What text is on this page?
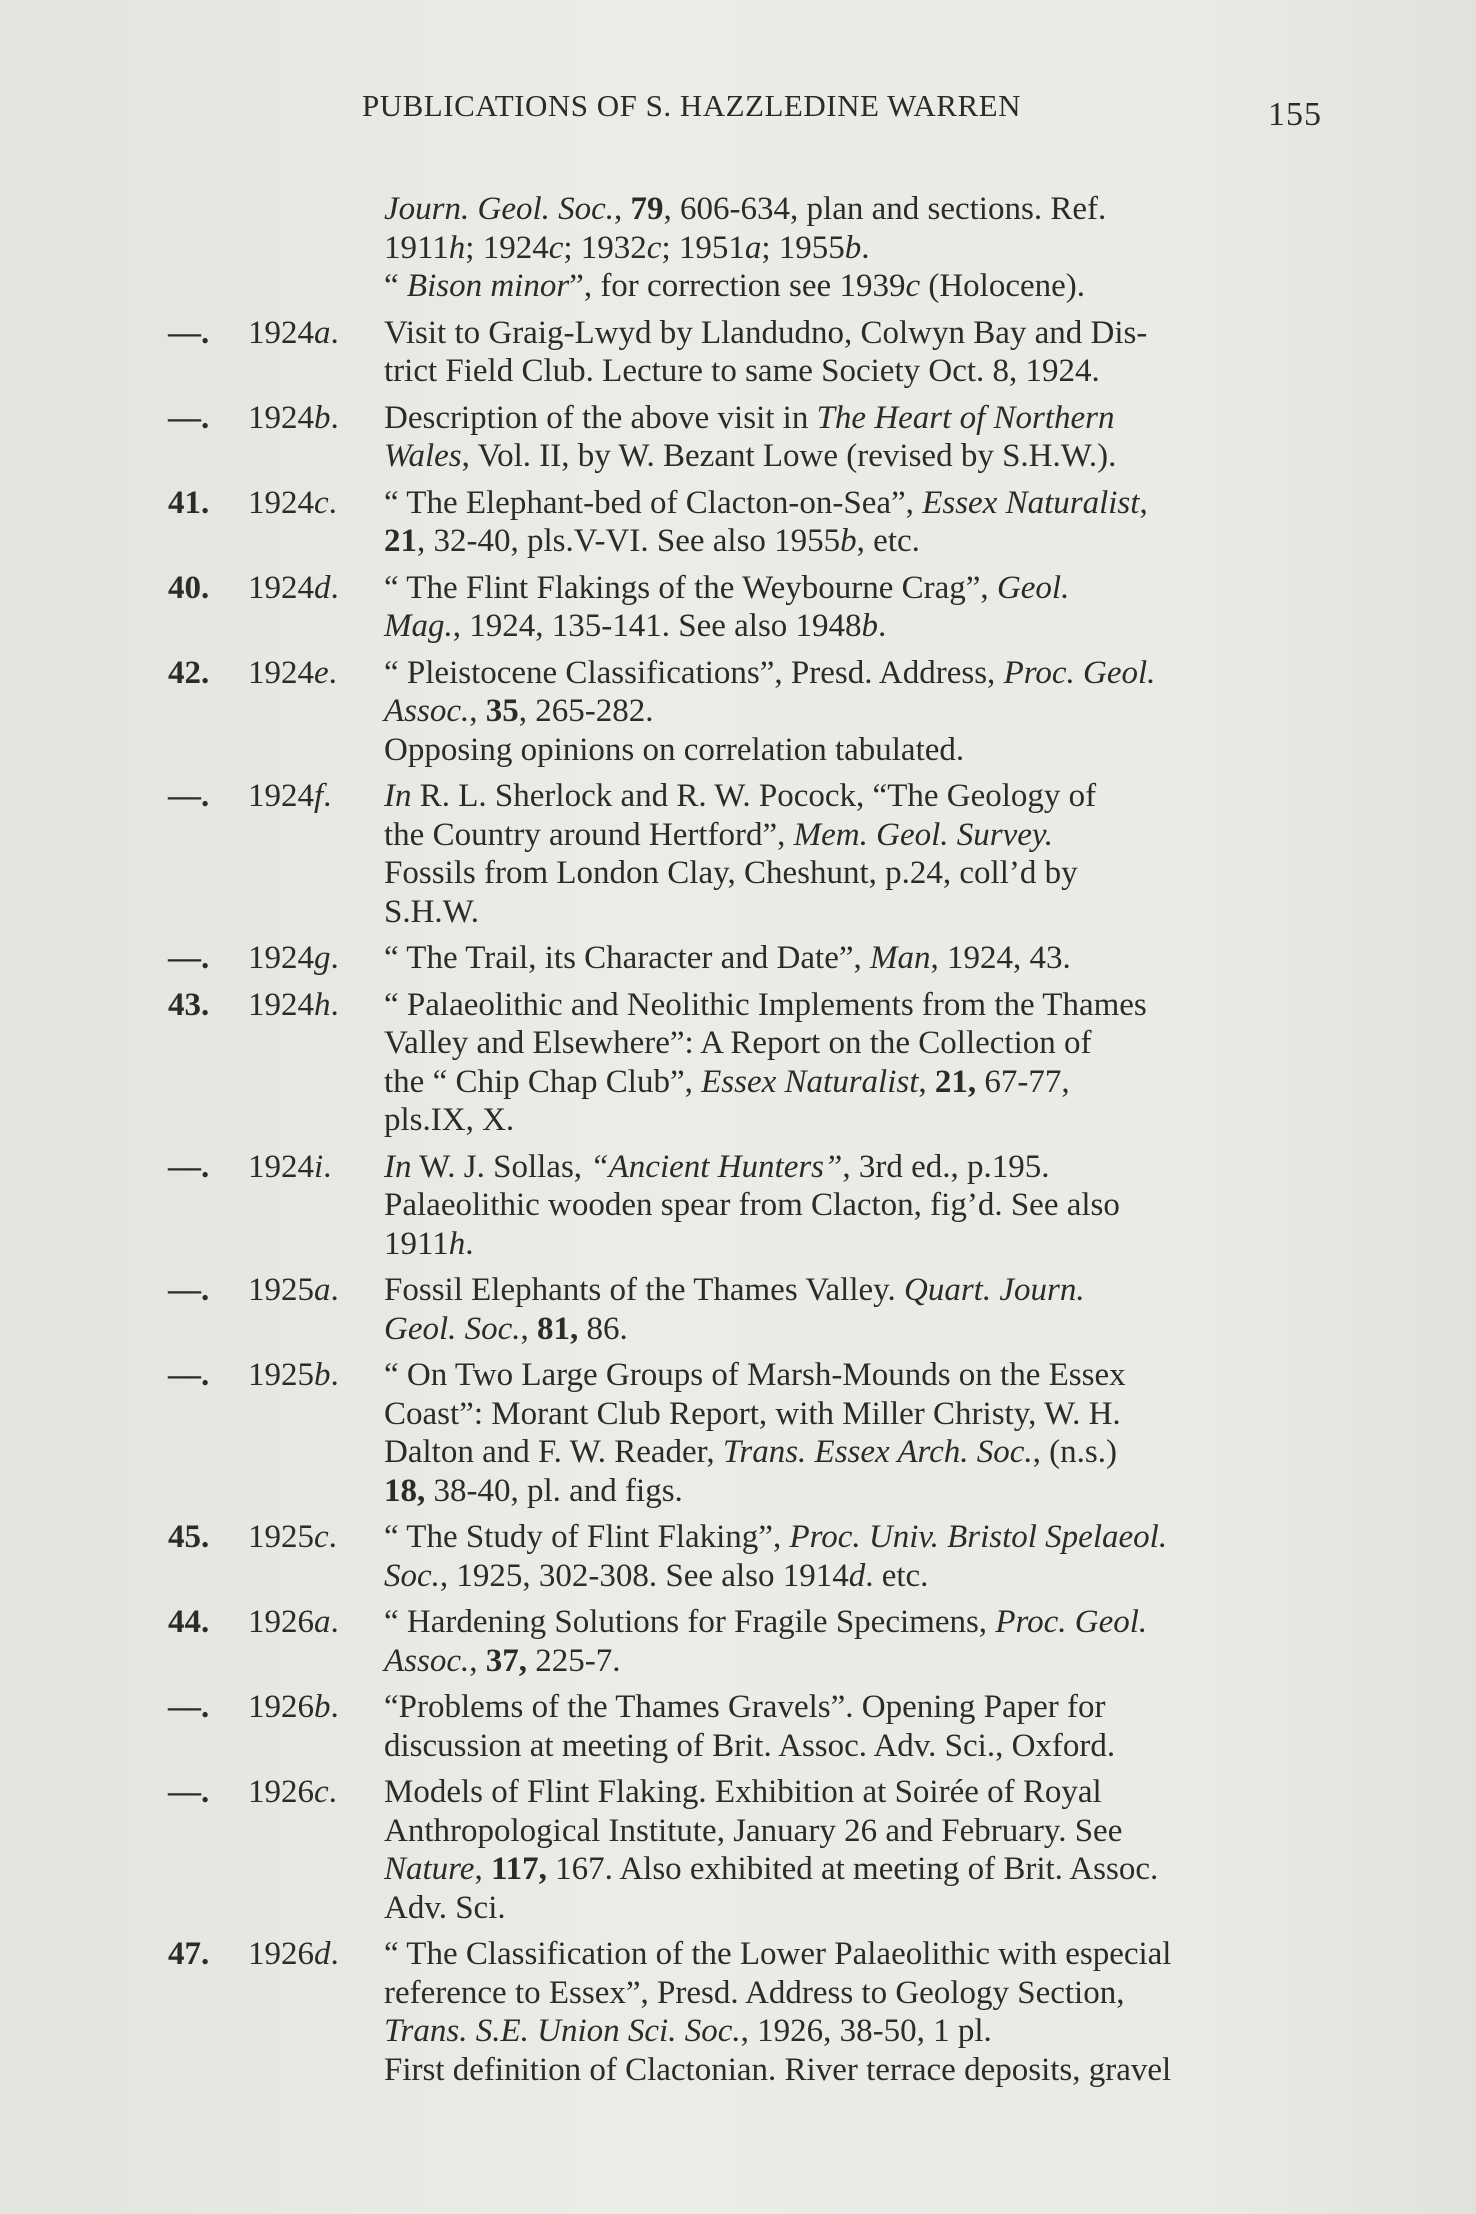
PUBLICATIONS OF S. HAZZLEDINE WARREN	155
Journ. Geol. Soc., 79, 606-634, plan and sections. Ref.
1911h; 1924c; 1932c; 1951a; 1955b.
“ Bison minor”, for correction see 1939c (Holocene).
—.	1924a.	Visit to Graig-Lwyd by Llandudno, Colwyn Bay and Dis-
trict Field Club. Lecture to same Society Oct. 8, 1924.
—.	1924b.	Description of the above visit in The Heart of Northern
Wales, Vol. II, by W. Bezant Lowe (revised by S.H.W.).
41.	1924c.	“ The Elephant-bed of Clacton-on-Sea”, Essex Naturalist,
21, 32-40, pls.V-VI. See also 1955b, etc.
40.	1924d.	“ The Flint Flakings of the Weybourne Crag”, Geol.
Mag., 1924, 135-141. See also 1948b.
42.	1924e.	“ Pleistocene Classifications”, Presd. Address, Proc. Geol.
Assoc., 35, 265-282.
Opposing opinions on correlation tabulated.
—.	1924f.	In R. L. Sherlock and R. W. Pocock, “The Geology of
the Country around Hertford”, Mem. Geol. Survey.
Fossils from London Clay, Cheshunt, p.24, coll’d by
S.H.W.
—.	1924g.	“ The Trail, its Character and Date”, Man, 1924, 43.
43.	1924h.	“ Palaeolithic and Neolithic Implements from the Thames
Valley and Elsewhere”: A Report on the Collection of
the “ Chip Chap Club”, Essex Naturalist, 21, 67-77,
pls.IX, X.
—.	1924i.	In W. J. Sollas, “Ancient Hunters”, 3rd ed., p.195.
Palaeolithic wooden spear from Clacton, fig’d. See also
1911h.
—.	1925a.	Fossil Elephants of the Thames Valley. Quart. Journ.
Geol. Soc., 81, 86.
—.	1925b.	“ On Two Large Groups of Marsh-Mounds on the Essex
Coast”: Morant Club Report, with Miller Christy, W. H.
Dalton and F. W. Reader, Trans. Essex Arch. Soc., (n.s.)
18, 38-40, pl. and figs.
45.	1925c.	“ The Study of Flint Flaking”, Proc. Univ. Bristol Spelaeol.
Soc., 1925, 302-308. See also 1914d. etc.
44.	1926a.	“ Hardening Solutions for Fragile Specimens, Proc. Geol.
Assoc., 37, 225-7.
—.	1926b.	“Problems of the Thames Gravels”. Opening Paper for
discussion at meeting of Brit. Assoc. Adv. Sci., Oxford.
—.	1926c.	Models of Flint Flaking. Exhibition at Soirée of Royal
Anthropological Institute, January 26 and February. See
Nature, 117, 167. Also exhibited at meeting of Brit. Assoc.
Adv. Sci.
47.	1926d.	“ The Classification of the Lower Palaeolithic with especial
reference to Essex”, Presd. Address to Geology Section,
Trans. S.E. Union Sci. Soc., 1926, 38-50, 1 pl.
First definition of Clactonian. River terrace deposits, gravel
